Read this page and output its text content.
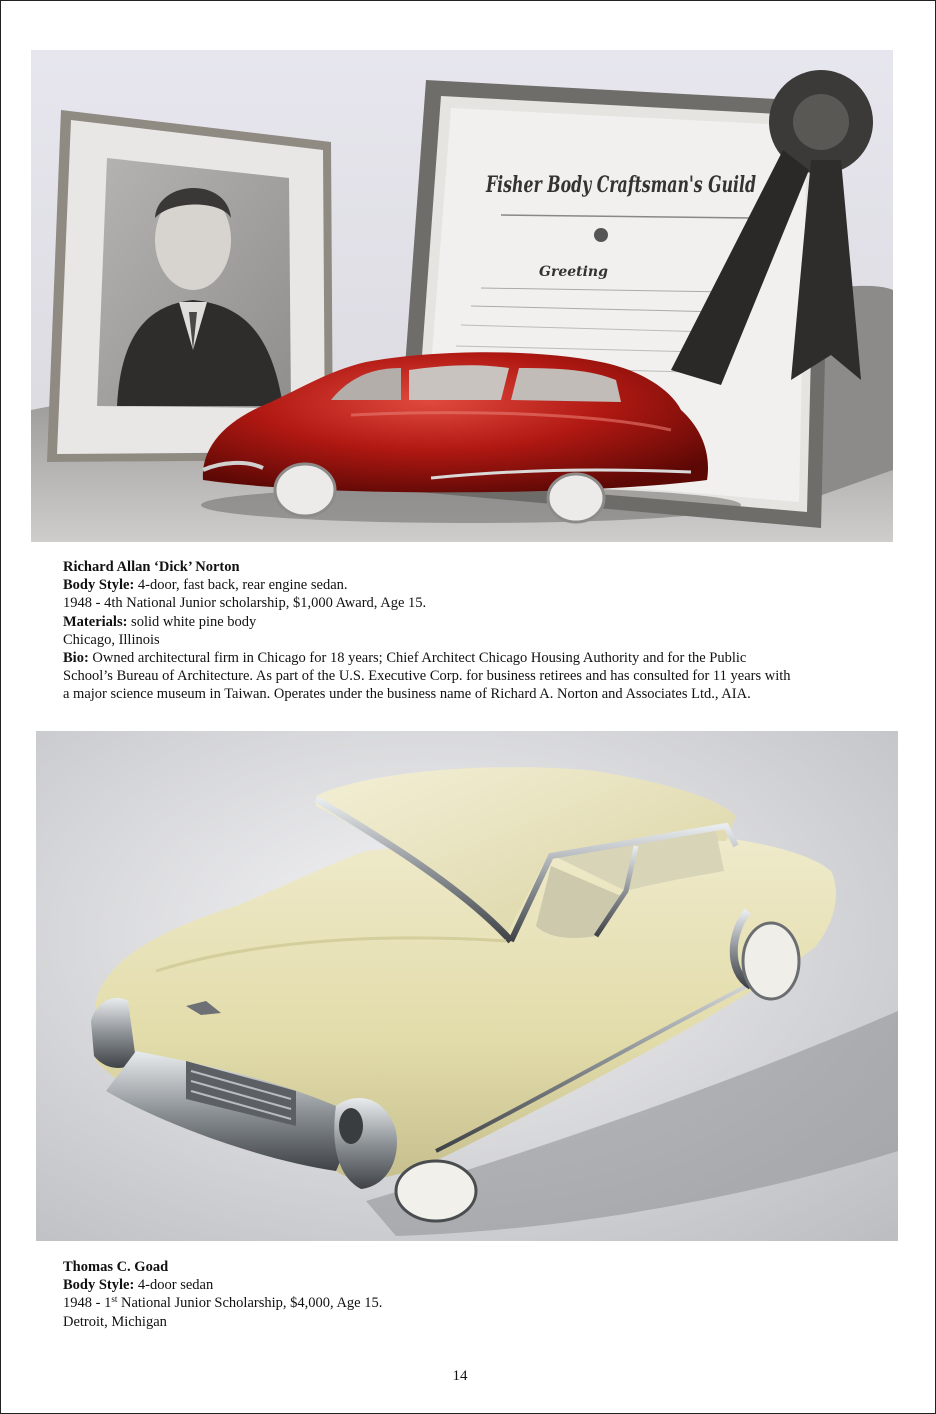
Fisher Body Craftsman's Guild
Greeting
Richard Allan ‘Dick’ Norton
Body Style: 4-door, fast back, rear engine sedan.
1948 - 4th National Junior scholarship, $1,000 Award, Age 15.
Materials: solid white pine body
Chicago, Illinois
Bio: Owned architectural firm in Chicago for 18 years; Chief Architect Chicago Housing Authority and for the Public
School’s Bureau of Architecture. As part of the U.S. Executive Corp. for business retirees and has consulted for 11 years with
a major science museum in Taiwan. Operates under the business name of Richard A. Norton and Associates Ltd., AIA.
Thomas C. Goad
Body Style: 4-door sedan
1948 - 1st National Junior Scholarship, $4,000, Age 15.
Detroit, Michigan
14
